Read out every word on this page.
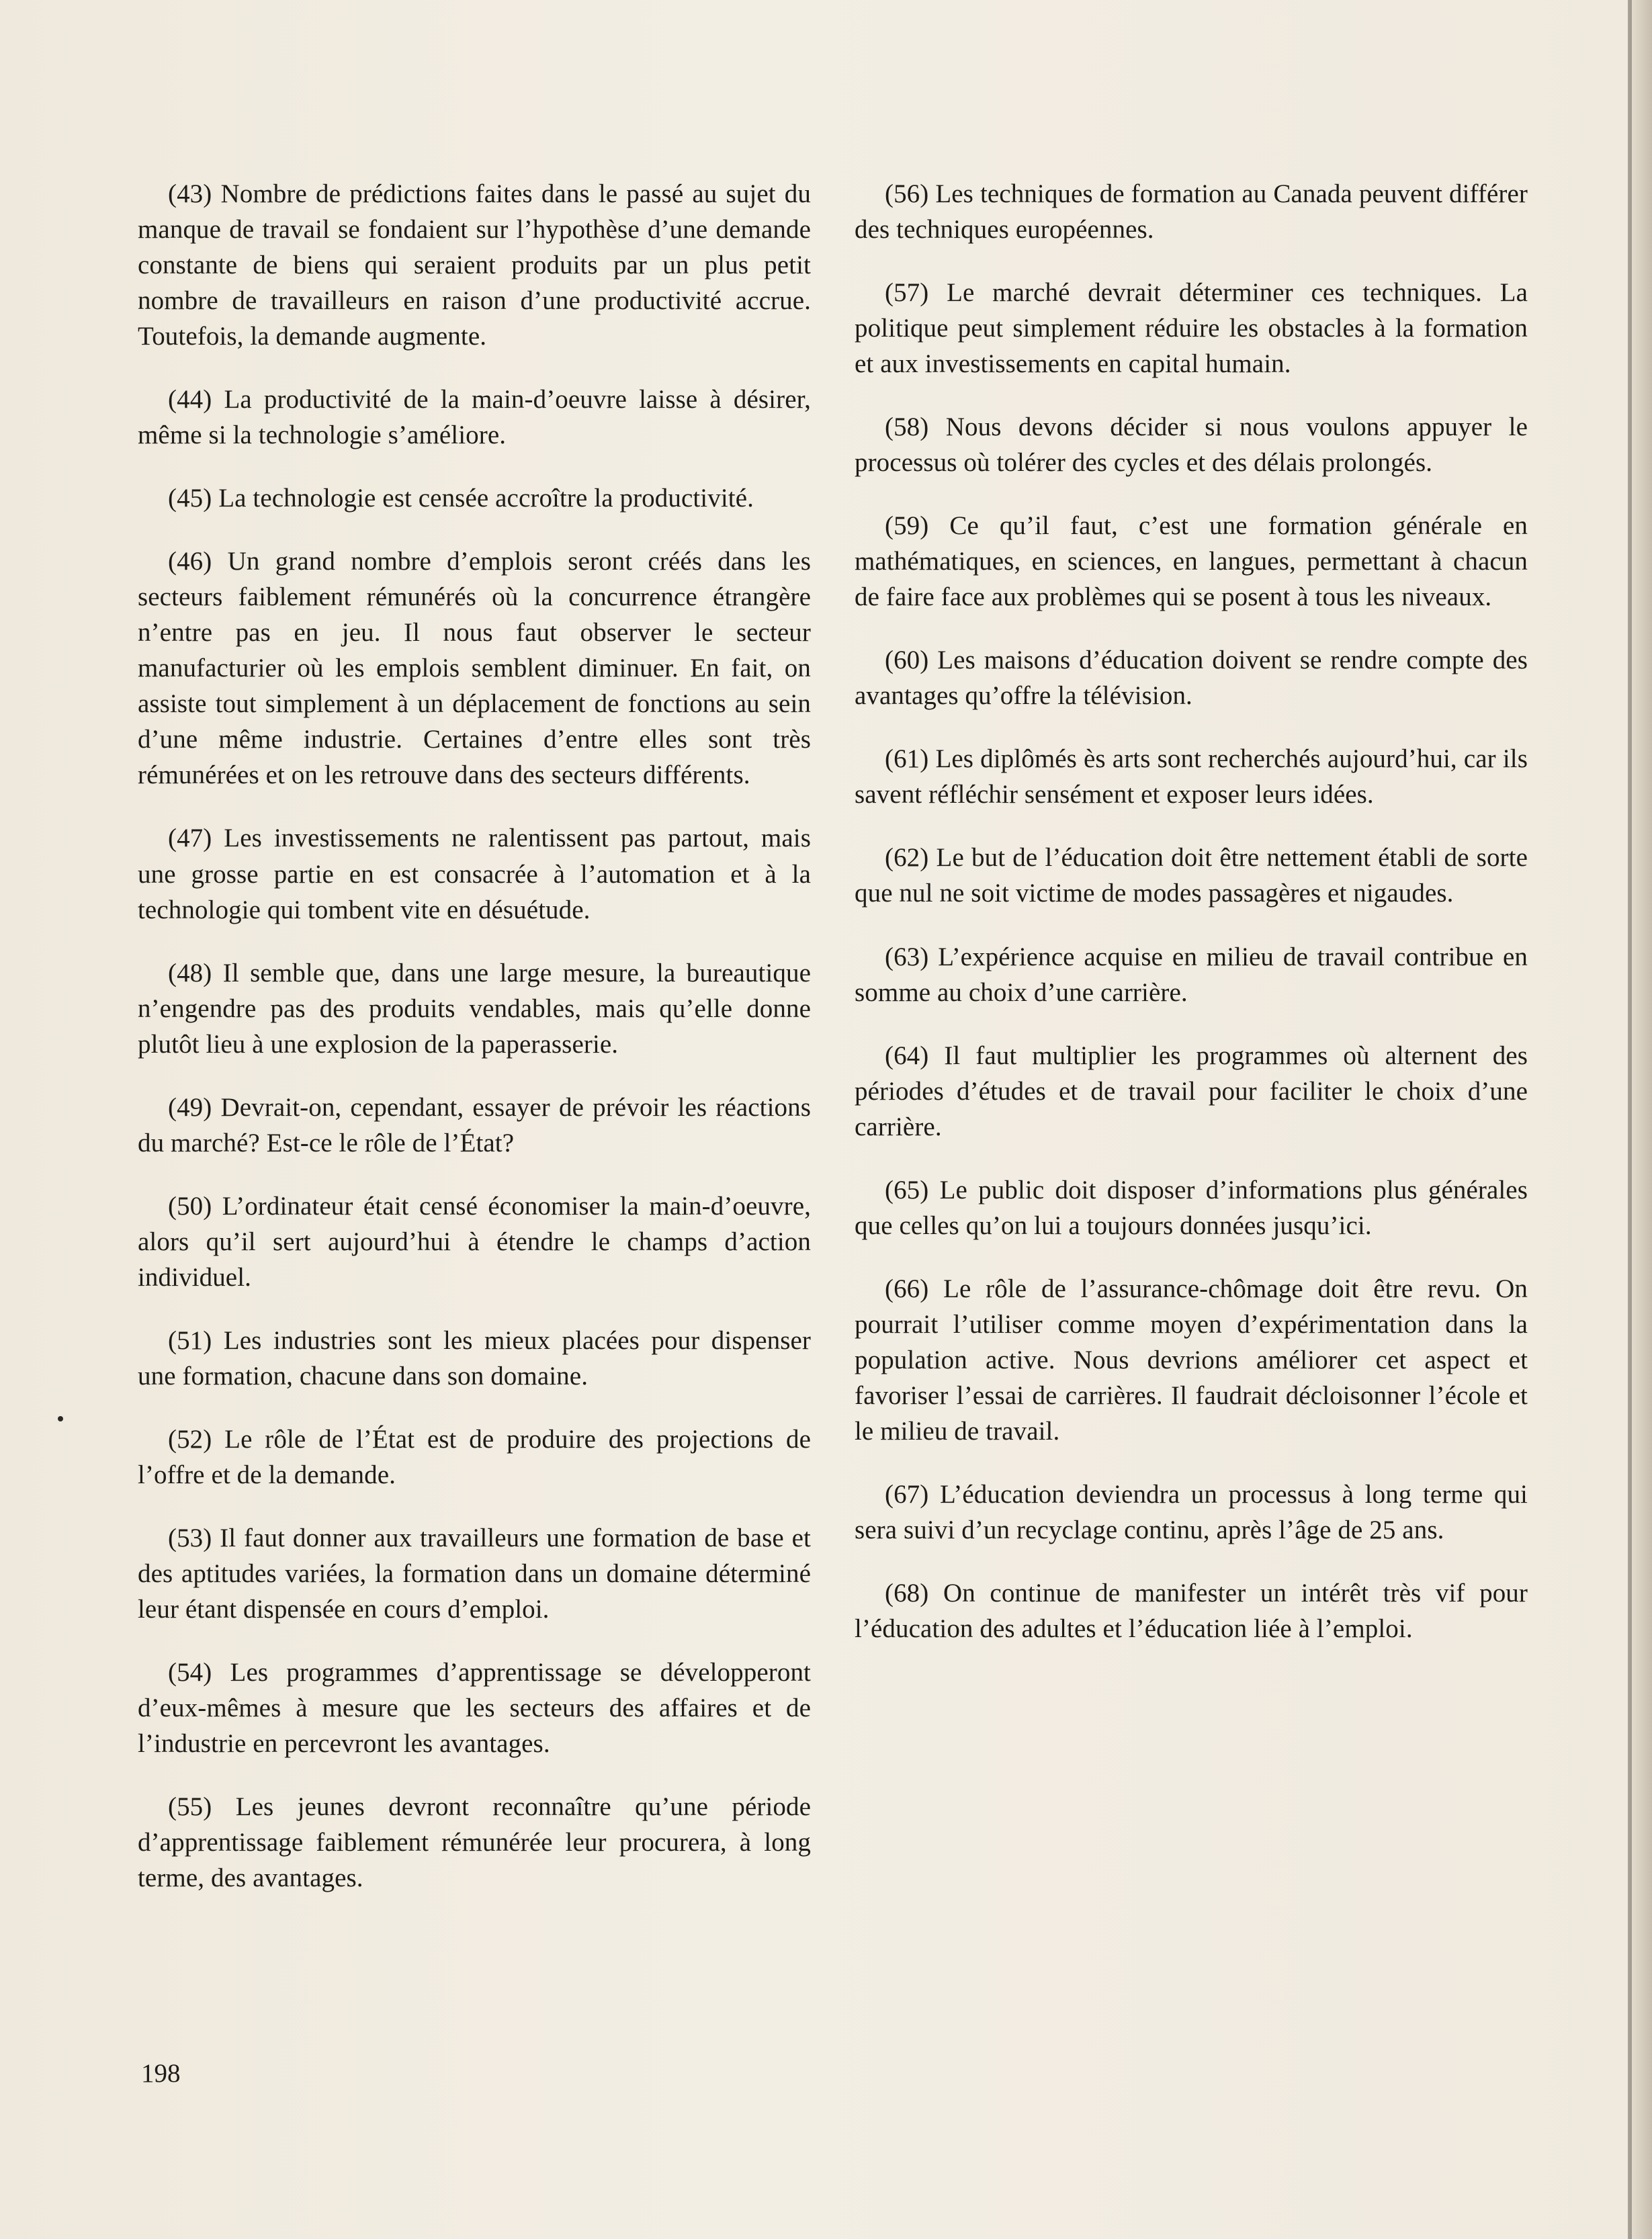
(43) Nombre de prédictions faites dans le passé au sujet du manque de travail se fondaient sur l’hypothèse d’une demande constante de biens qui seraient produits par un plus petit nombre de travailleurs en raison d’une productivité accrue. Toutefois, la demande augmente.

(44) La productivité de la main-d’oeuvre laisse à désirer, même si la technologie s’améliore.

(45) La technologie est censée accroître la productivité.

(46) Un grand nombre d’emplois seront créés dans les secteurs faiblement rémunérés où la concurrence étrangère n’entre pas en jeu. Il nous faut observer le secteur manufacturier où les emplois semblent diminuer. En fait, on assiste tout simplement à un déplacement de fonctions au sein d’une même industrie. Certaines d’entre elles sont très rémunérées et on les retrouve dans des secteurs différents.

(47) Les investissements ne ralentissent pas partout, mais une grosse partie en est consacrée à l’automation et à la technologie qui tombent vite en désuétude.

(48) Il semble que, dans une large mesure, la bureautique n’engendre pas des produits vendables, mais qu’elle donne plutôt lieu à une explosion de la paperasserie.

(49) Devrait-on, cependant, essayer de prévoir les réactions du marché? Est-ce le rôle de l’État?

(50) L’ordinateur était censé économiser la main-d’oeuvre, alors qu’il sert aujourd’hui à étendre le champs d’action individuel.

(51) Les industries sont les mieux placées pour dispenser une formation, chacune dans son domaine.

(52) Le rôle de l’État est de produire des projections de l’offre et de la demande.

(53) Il faut donner aux travailleurs une formation de base et des aptitudes variées, la formation dans un domaine déterminé leur étant dispensée en cours d’emploi.

(54) Les programmes d’apprentissage se développeront d’eux-mêmes à mesure que les secteurs des affaires et de l’industrie en percevront les avantages.

(55) Les jeunes devront reconnaître qu’une période d’apprentissage faiblement rémunérée leur procurera, à long terme, des avantages.

(56) Les techniques de formation au Canada peuvent différer des techniques européennes.

(57) Le marché devrait déterminer ces techniques. La politique peut simplement réduire les obstacles à la formation et aux investissements en capital humain.

(58) Nous devons décider si nous voulons appuyer le processus où tolérer des cycles et des délais prolongés.

(59) Ce qu’il faut, c’est une formation générale en mathématiques, en sciences, en langues, permettant à chacun de faire face aux problèmes qui se posent à tous les niveaux.

(60) Les maisons d’éducation doivent se rendre compte des avantages qu’offre la télévision.

(61) Les diplômés ès arts sont recherchés aujourd’hui, car ils savent réfléchir sensément et exposer leurs idées.

(62) Le but de l’éducation doit être nettement établi de sorte que nul ne soit victime de modes passagères et nigaudes.

(63) L’expérience acquise en milieu de travail contribue en somme au choix d’une carrière.

(64) Il faut multiplier les programmes où alternent des périodes d’études et de travail pour faciliter le choix d’une carrière.

(65) Le public doit disposer d’informations plus générales que celles qu’on lui a toujours données jusqu’ici.

(66) Le rôle de l’assurance-chômage doit être revu. On pourrait l’utiliser comme moyen d’expérimentation dans la population active. Nous devrions améliorer cet aspect et favoriser l’essai de carrières. Il faudrait décloisonner l’école et le milieu de travail.

(67) L’éducation deviendra un processus à long terme qui sera suivi d’un recyclage continu, après l’âge de 25 ans.

(68) On continue de manifester un intérêt très vif pour l’éducation des adultes et l’éducation liée à l’emploi.

198
